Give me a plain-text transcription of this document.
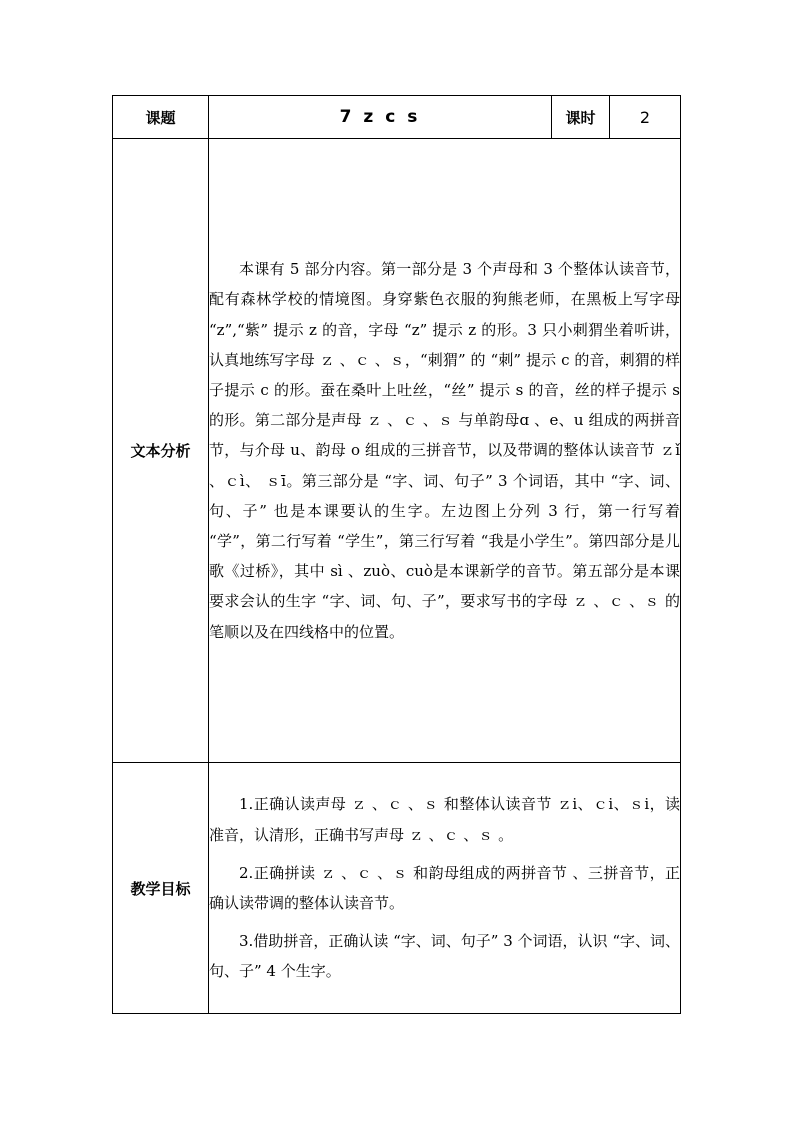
课题	7 z c s	课时	2
文本分析	本课有 5 部分内容。第一部分是 3 个声母和 3 个整体认读音节，配有森林学校的情境图。身穿紫色衣服的狗熊老师，在黑板上写字母 “z”,“紫” 提示 z 的音，字母 “z” 提示 z 的形。3 只小刺猬坐着听讲，认真地练写字母 ｚ 、ｃ 、ｓ，“刺猬” 的 “刺” 提示 c 的音，刺猬的样子提示 c 的形。蚕在桑叶上吐丝，“丝” 提示 s 的音，丝的样子提示 s 的形。第二部分是声母 ｚ 、ｃ 、ｓ 与单韵母ɑ 、e、u 组成的两拼音节，与介母 u、韵母 o 组成的三拼音节，以及带调的整体认读音节 ｚǐ 、ｃì、 ｓī。第三部分是 “字、词、句子” 3 个词语，其中 “字、词、句、子” 也是本课要认的生字。左边图上分列 3 行，第一行写着 “学”，第二行写着 “学生”，第三行写着 “我是小学生”。第四部分是儿歌《过桥》，其中 sì 、zuò、cuò是本课新学的音节。第五部分是本课要求会认的生字 “字、词、句、子”，要求写书的字母 ｚ 、ｃ 、ｓ 的笔顺以及在四线格中的位置。		

教学目标	1.正确认读声母 ｚ 、ｃ 、ｓ 和整体认读音节 ｚi、ｃi、ｓi，读准音，认清形，正确书写声母 ｚ 、ｃ 、ｓ 。

2.正确拼读 ｚ 、ｃ 、ｓ 和韵母组成的两拼音节 、三拼音节，正确认读带调的整体认读音节。

3.借助拼音，正确认读 “字、词、句子” 3 个词语，认识 “字、词、句、子” 4 个生字。		
